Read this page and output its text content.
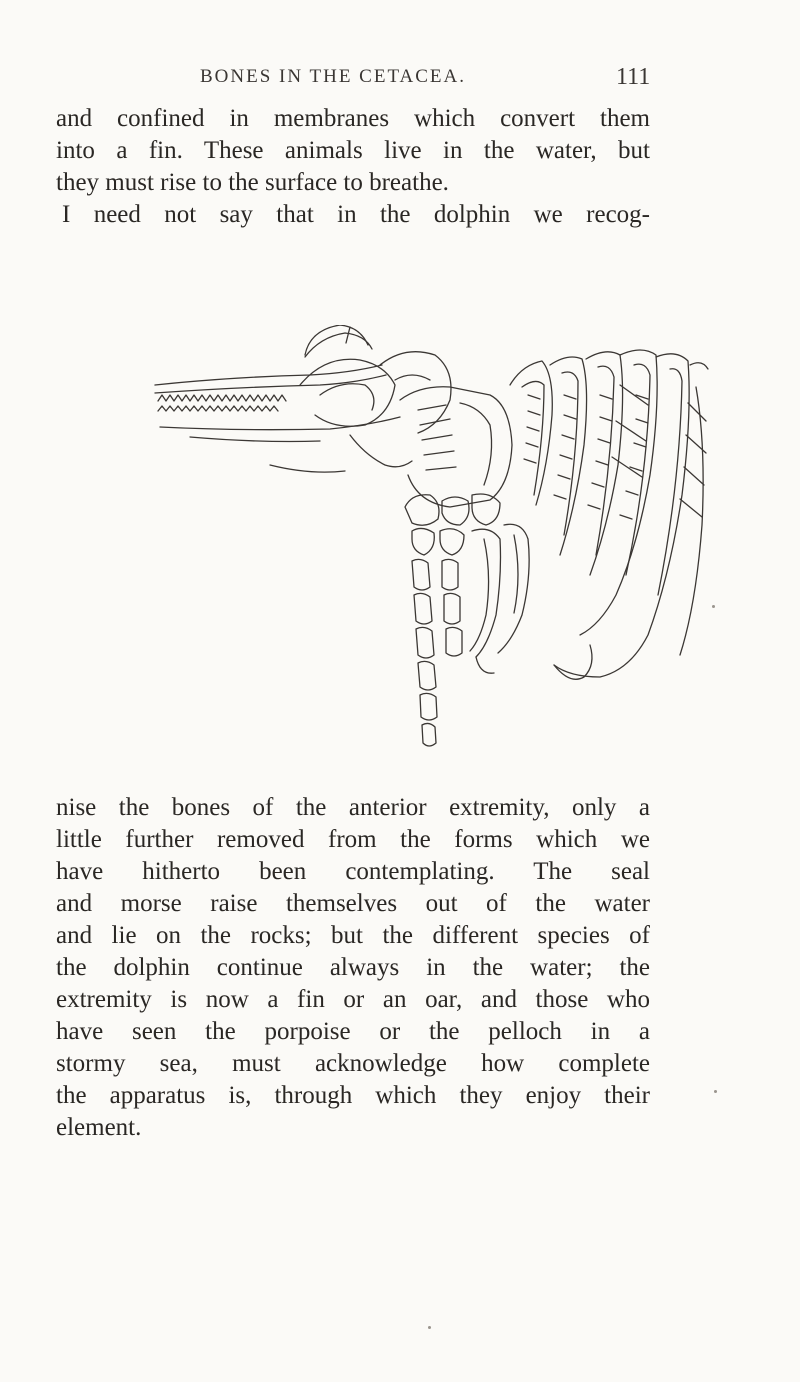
BONES IN THE CETACEA.	111
and confined in membranes which convert them
into a fin. These animals live in the water, but
they must rise to the surface to breathe.
I need not say that in the dolphin we recog-
nise the bones of the anterior extremity, only a
little further removed from the forms which we
have hitherto been contemplating. The seal
and morse raise themselves out of the water
and lie on the rocks; but the different species of
the dolphin continue always in the water; the
extremity is now a fin or an oar, and those who
have seen the porpoise or the pelloch in a
stormy sea, must acknowledge how complete
the apparatus is, through which they enjoy their
element.
